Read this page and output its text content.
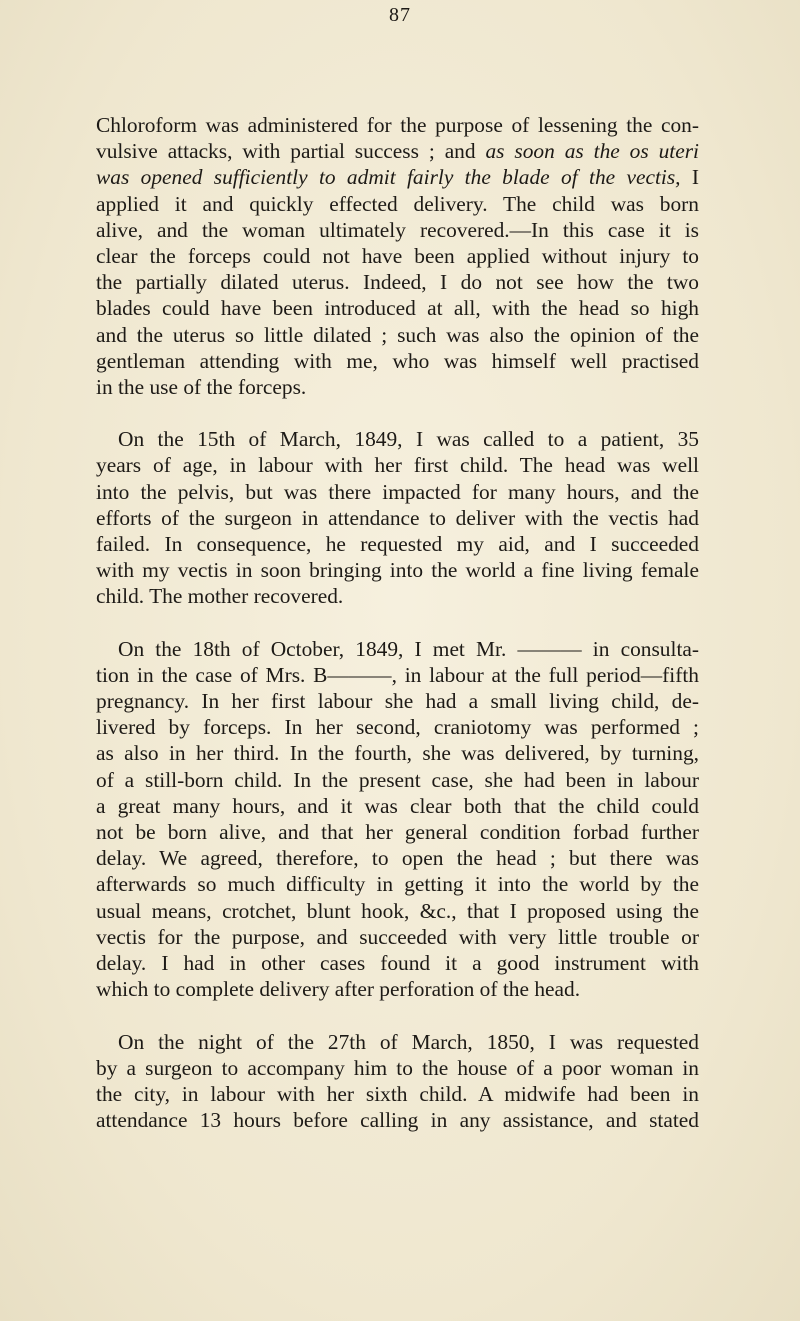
87

Chloroform was administered for the purpose of lessening the con-
vulsive attacks, with partial success ; and as soon as the os uteri
was opened sufficiently to admit fairly the blade of the vectis, I
applied it and quickly effected delivery. The child was born
alive, and the woman ultimately recovered.—In this case it is
clear the forceps could not have been applied without injury to
the partially dilated uterus. Indeed, I do not see how the two
blades could have been introduced at all, with the head so high
and the uterus so little dilated ; such was also the opinion of the
gentleman attending with me, who was himself well practised
in the use of the forceps.

On the 15th of March, 1849, I was called to a patient, 35
years of age, in labour with her first child. The head was well
into the pelvis, but was there impacted for many hours, and the
efforts of the surgeon in attendance to deliver with the vectis had
failed. In consequence, he requested my aid, and I succeeded
with my vectis in soon bringing into the world a fine living female
child. The mother recovered.

On the 18th of October, 1849, I met Mr. ——— in consulta-
tion in the case of Mrs. B———, in labour at the full period—fifth
pregnancy. In her first labour she had a small living child, de-
livered by forceps. In her second, craniotomy was performed ;
as also in her third. In the fourth, she was delivered, by turning,
of a still-born child. In the present case, she had been in labour
a great many hours, and it was clear both that the child could
not be born alive, and that her general condition forbad further
delay. We agreed, therefore, to open the head ; but there was
afterwards so much difficulty in getting it into the world by the
usual means, crotchet, blunt hook, &c., that I proposed using the
vectis for the purpose, and succeeded with very little trouble or
delay. I had in other cases found it a good instrument with
which to complete delivery after perforation of the head.

On the night of the 27th of March, 1850, I was requested
by a surgeon to accompany him to the house of a poor woman in
the city, in labour with her sixth child. A midwife had been in
attendance 13 hours before calling in any assistance, and stated
